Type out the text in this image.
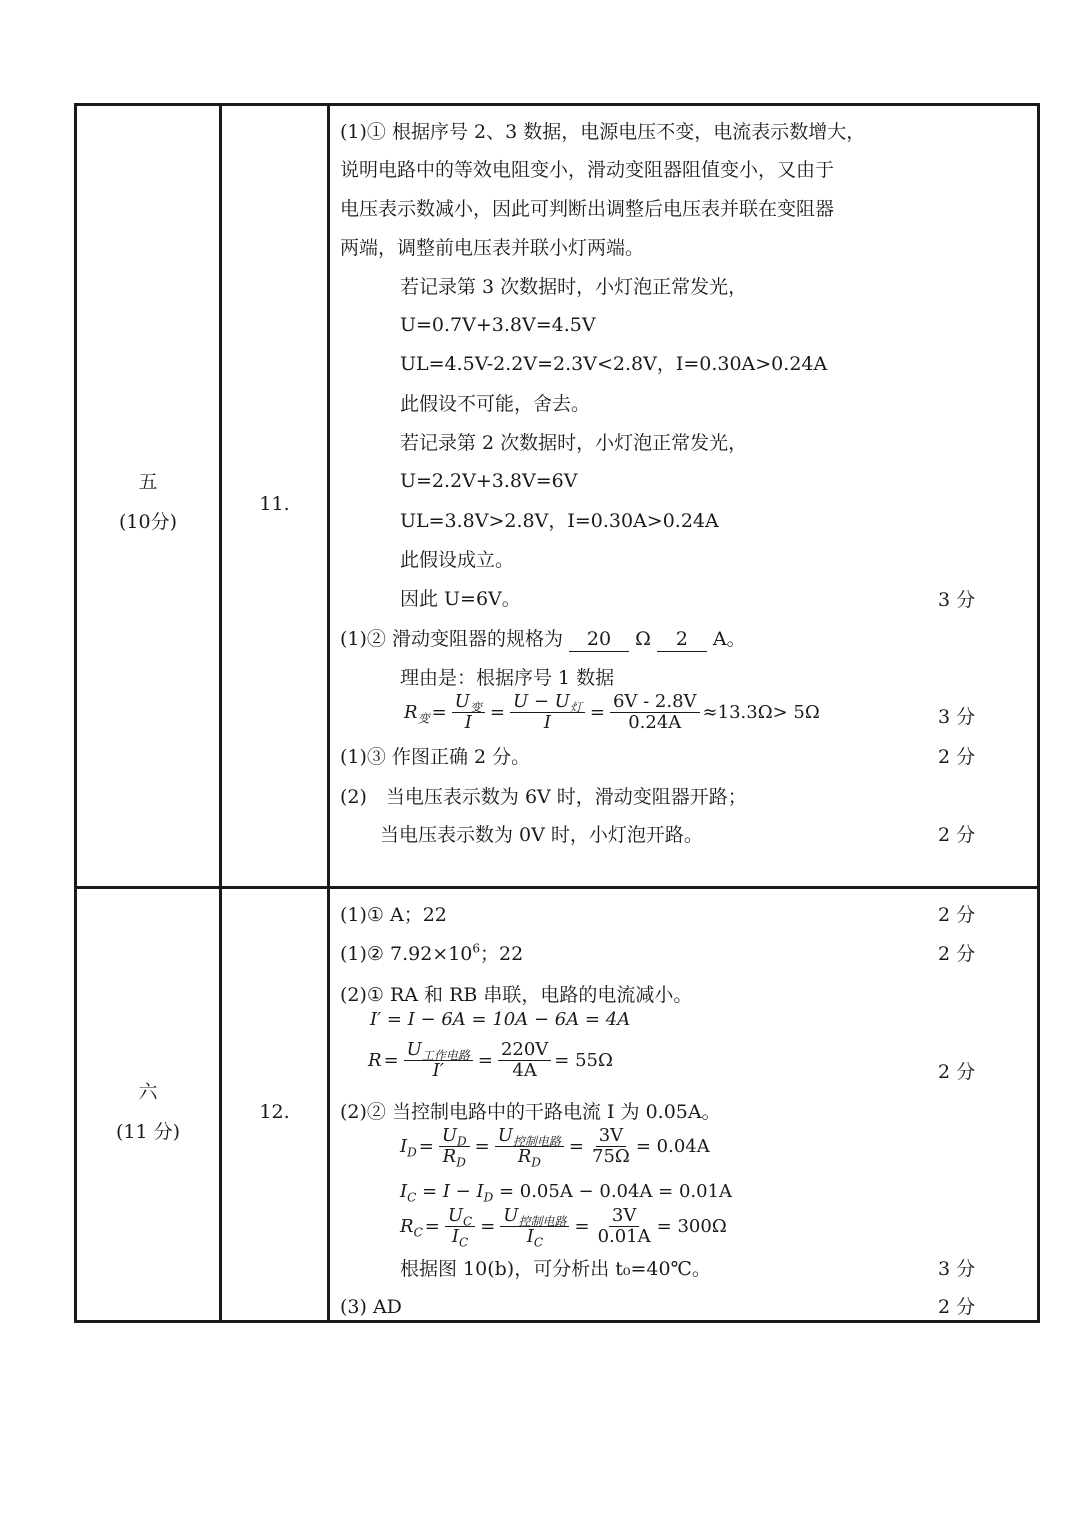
五
(10分)
11.
(1)① 根据序号 2、3 数据，电源电压不变，电流表示数增大，
说明电路中的等效电阻变小，滑动变阻器阻值变小，又由于
电压表示数减小，因此可判断出调整后电压表并联在变阻器
两端，调整前电压表并联小灯两端。
若记录第 3 次数据时，小灯泡正常发光，
U=0.7V+3.8V=4.5V
UL=4.5V-2.2V=2.3V<2.8V，I=0.30A>0.24A
此假设不可能，舍去。
若记录第 2 次数据时，小灯泡正常发光，
U=2.2V+3.8V=6V
UL=3.8V>2.8V，I=0.30A>0.24A
此假设成立。
因此 U=6V。	3 分
(1)② 滑动变阻器的规格为 20 Ω 2 A。
理由是：根据序号 1 数据
$R_变 = \frac{U_变}{I} = \frac{U - U_灯}{I} = \frac{6V - 2.8V}{0.24A} \approx 13.3\Omega> 5\Omega$	3 分
(1)③ 作图正确 2 分。	2 分
(2)　当电压表示数为 6V 时，滑动变阻器开路；
当电压表示数为 0V 时，小灯泡开路。	2 分
六
(11 分)
12.
(1)① A；22	2 分
(1)② $7.92\times 10^6$；22	2 分
(2)① RA 和 RB 串联，电路的电流减小。
I′ = I − 6A = 10A − 6A = 4A
$R = \frac{U_{工作电路}}{I'} = \frac{220V}{4A} = 55\Omega$
2 分
(2)② 当控制电路中的干路电流 I 为 0.05A。
$I_D = \frac{U_D}{R_D} = \frac{U_{控制电路}}{R_D} = \frac{3V}{75\Omega} = 0.04A$
$I_C = I - I_D = 0.05A - 0.04A = 0.01A$
$R_C = \frac{U_C}{I_C} = \frac{U_{控制电路}}{I_C} = \frac{3V}{0.01A} = 300\Omega$
根据图 10(b)，可分析出 t₀=40℃。	3 分
(3) AD	2 分
